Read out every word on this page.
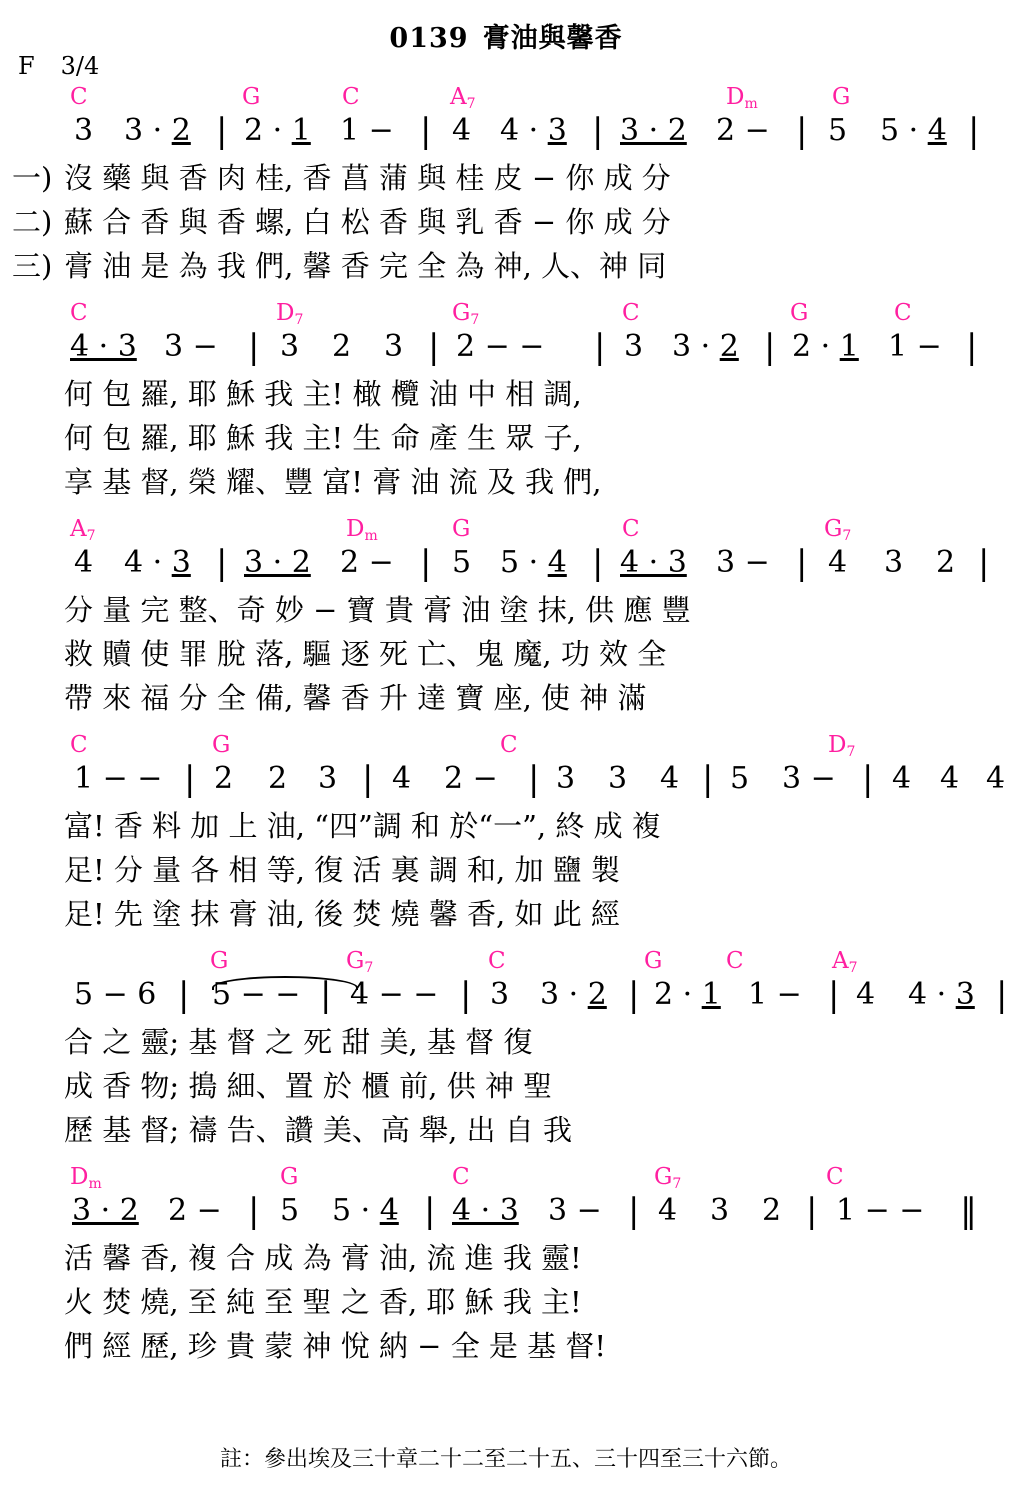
0139 膏油與馨香
F 3/4
C	G	C	$A_7$	$D_m$	G
3 3 · 2 | 2 · 1 1 − | 4 4 · 3 | 3 · 2 2 − | 5 5 · 4 |
一) 沒 藥 與 香 肉 桂, 香 菖 蒲 與 桂 皮 − 你 成 分
二) 蘇 合 香 與 香 螺, 白 松 香 與 乳 香 − 你 成 分
三) 膏 油 是 為 我 們, 馨 香 完 全 為 神, 人、神 同
C	$D_7$	$G_7$	C	G	C
4 · 3 3 − | 3 2 3 | 2 − − | 3 3 · 2 | 2 · 1 1 − |
何 包 羅, 耶 穌 我 主! 橄 欖 油 中 相 調,
何 包 羅, 耶 穌 我 主! 生 命 產 生 眾 子,
享 基 督, 榮 耀、豐 富! 膏 油 流 及 我 們,
$A_7$	$D_m$	G	C	$G_7$
4 4 · 3 | 3 · 2 2 − | 5 5 · 4 | 4 · 3 3 − | 4 3 2 |
分 量 完 整、奇 妙 − 寶 貴 膏 油 塗 抹, 供 應 豐
救 贖 使 罪 脫 落, 驅 逐 死 亡、鬼 魔, 功 效 全
帶 來 福 分 全 備, 馨 香 升 達 寶 座, 使 神 滿
C	G	C	$D_7$
1 − − | 2 2 3 | 4 2 − | 3 3 4 | 5 3 − | 4 4 4
富! 香 料 加 上 油, “四”調 和 於“一”, 終 成 複
足! 分 量 各 相 等, 復 活 裏 調 和, 加 鹽 製
足! 先 塗 抹 膏 油, 後 焚 燒 馨 香, 如 此 經
G	$G_7$	C	G	C	$A_7$
5 − 6 | 5 − − | 4 − − | 3 3 · 2 | 2 · 1 1 − | 4 4 · 3 |
合 之 靈; 基 督 之 死 甜 美, 基 督 復
成 香 物; 搗 細、置 於 櫃 前, 供 神 聖
歷 基 督; 禱 告、讚 美、高 舉, 出 自 我
$D_m$	G	C	$G_7$	C
3 · 2 2 − | 5 5 · 4 | 4 · 3 3 − | 4 3 2 | 1 − − ‖
活 馨 香, 複 合 成 為 膏 油, 流 進 我 靈!
火 焚 燒, 至 純 至 聖 之 香, 耶 穌 我 主!
們 經 歷, 珍 貴 蒙 神 悅 納 − 全 是 基 督!
註：參出埃及三十章二十二至二十五、三十四至三十六節。
